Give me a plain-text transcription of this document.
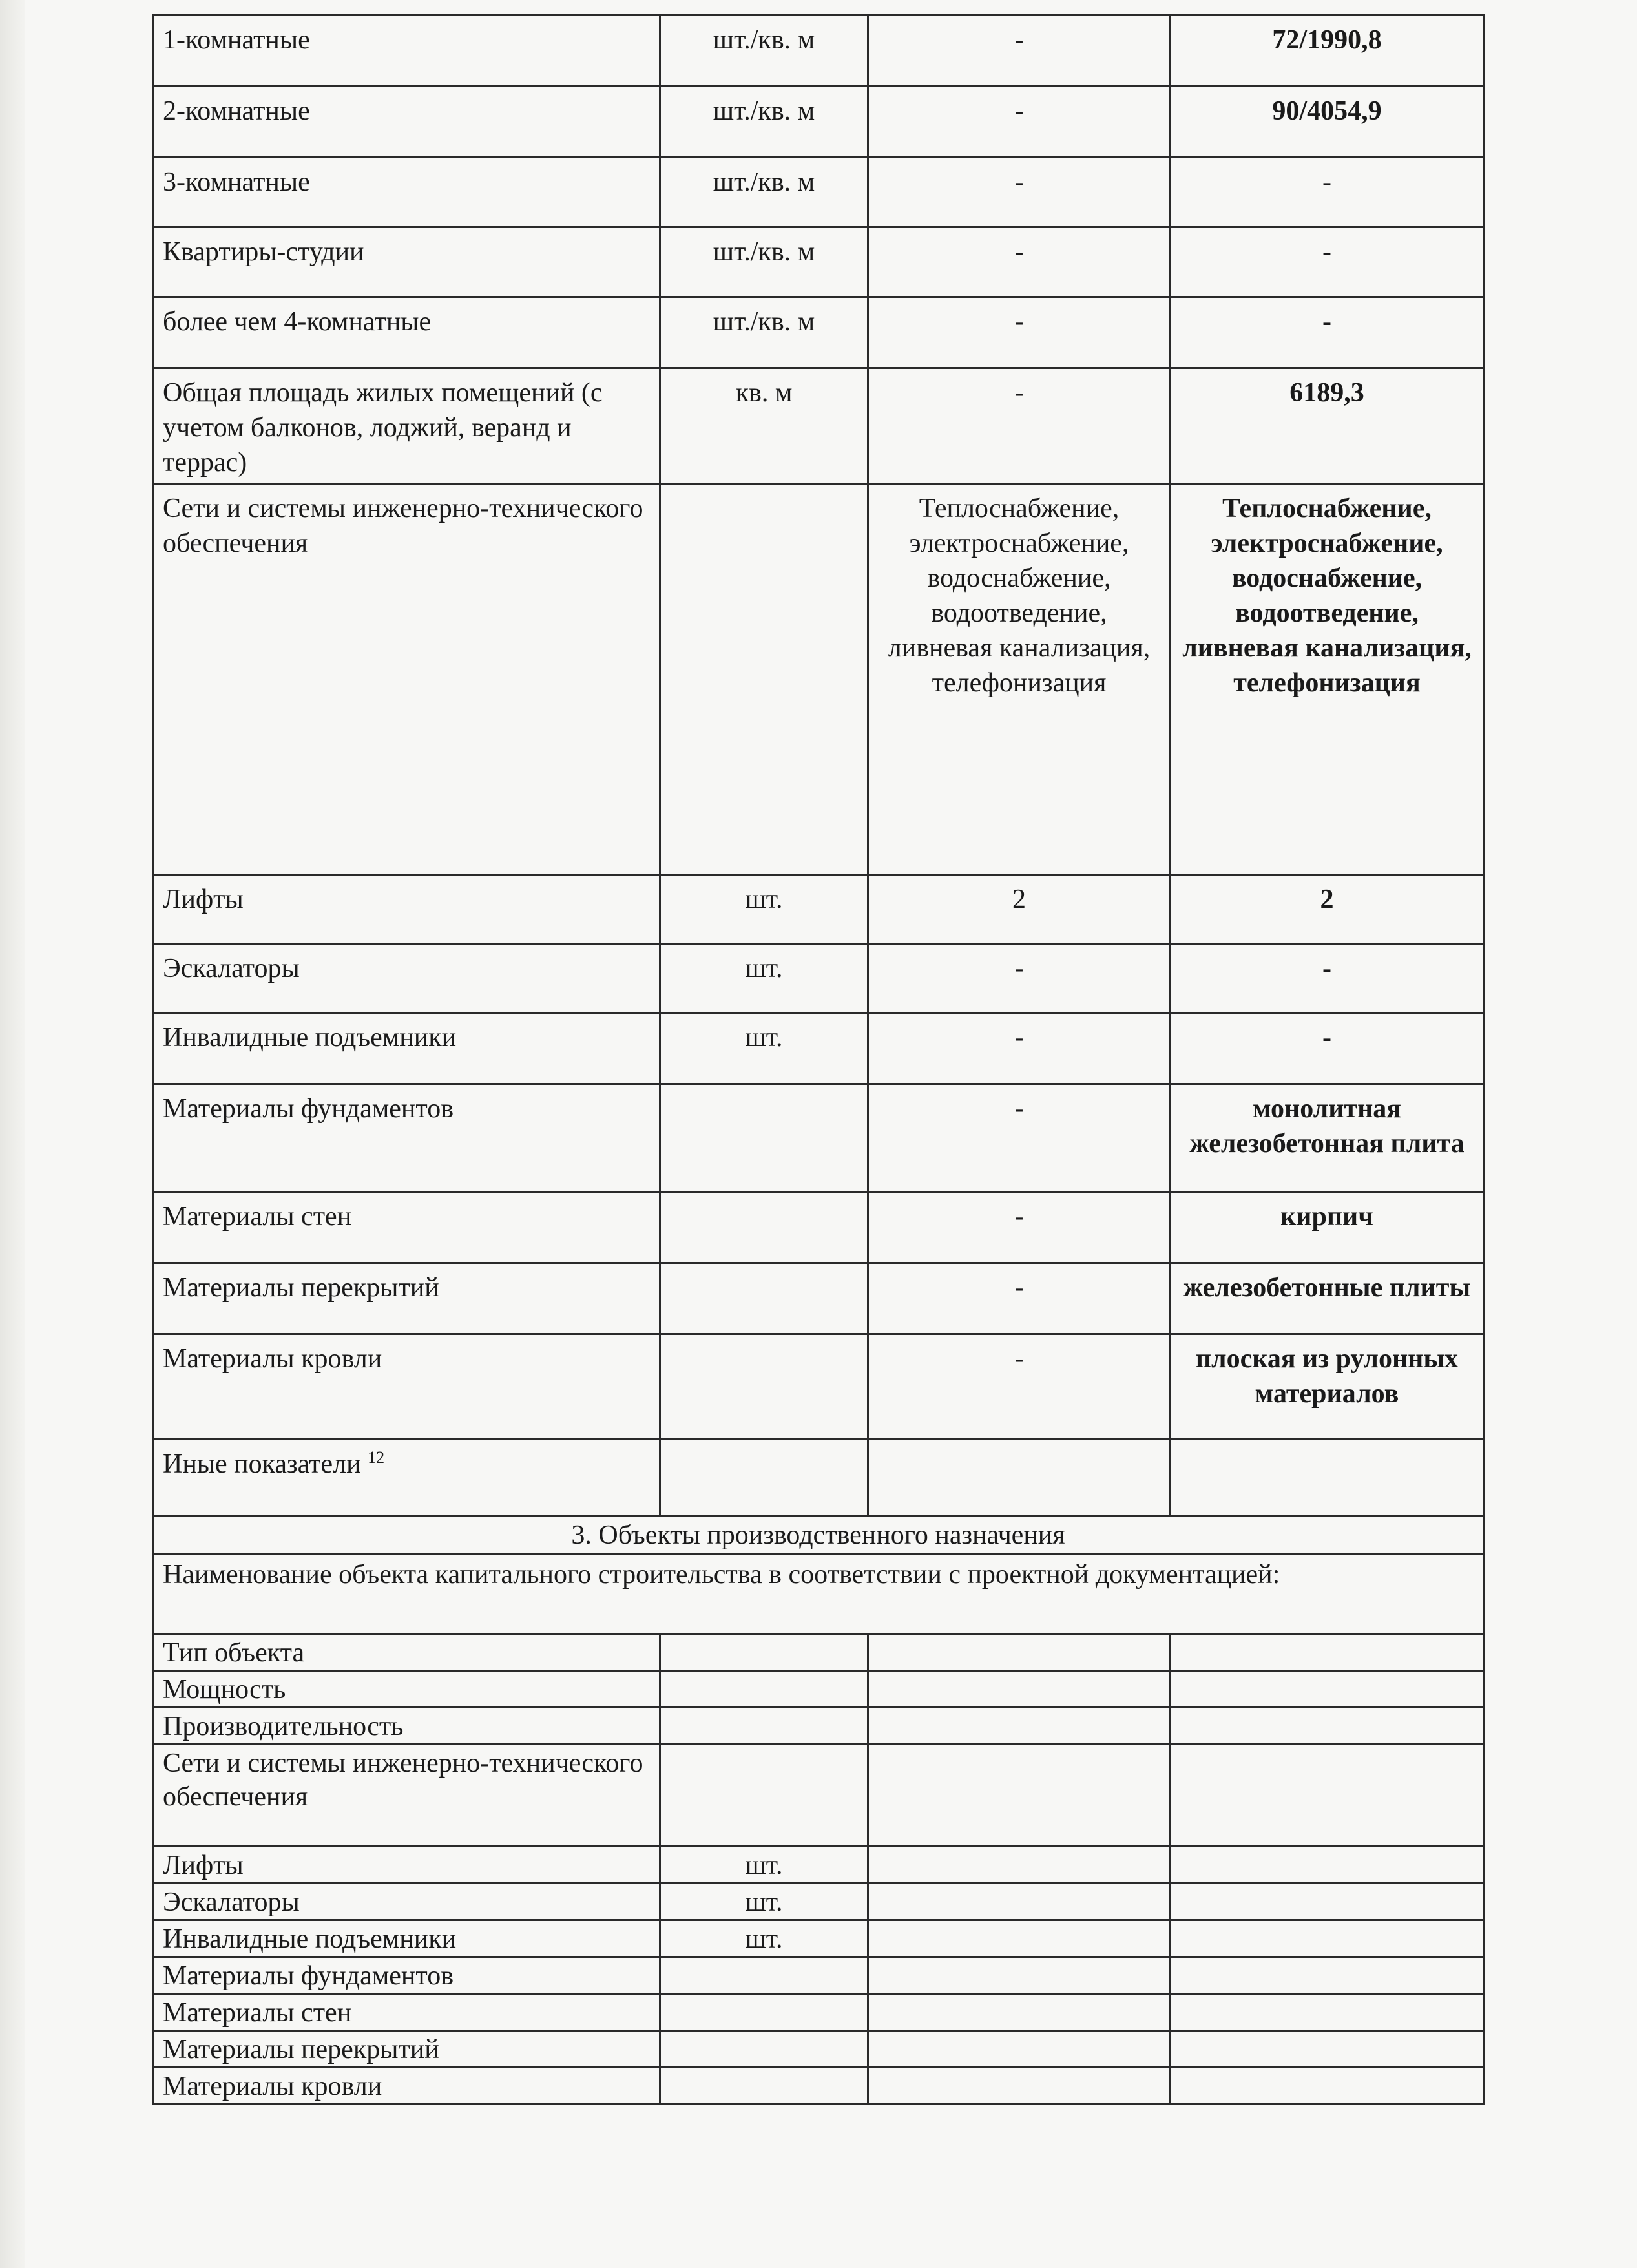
1-комнатные	шт./кв. м	-	72/1990,8
2-комнатные	шт./кв. м	-	90/4054,9
3-комнатные	шт./кв. м	-	-
Квартиры-студии	шт./кв. м	-	-
более чем 4-комнатные	шт./кв. м	-	-
Общая площадь жилых помещений (с учетом балконов, лоджий, веранд и террас)	кв. м	-	6189,3
Сети и системы инженерно-технического обеспечения		Теплоснабжение, электроснабжение, водоснабжение, водоотведение, ливневая канализация, телефонизация	Теплоснабжение, электроснабжение, водоснабжение, водоотведение, ливневая канализация, телефонизация
Лифты	шт.	2	2
Эскалаторы	шт.	-	-
Инвалидные подъемники	шт.	-	-
Материалы фундаментов		-	монолитная железобетонная плита
Материалы стен		-	кирпич
Материалы перекрытий		-	железобетонные плиты
Материалы кровли		-	плоская из рулонных материалов
Иные показатели $^{12}$			
3. Объекты производственного назначения			
Наименование объекта капитального строительства в соответствии с проектной документацией:			
Тип объекта			
Мощность			
Производительность			
Сети и системы инженерно-технического обеспечения			
Лифты	шт.		
Эскалаторы	шт.		
Инвалидные подъемники	шт.		
Материалы фундаментов			
Материалы стен			
Материалы перекрытий			
Материалы кровли			
